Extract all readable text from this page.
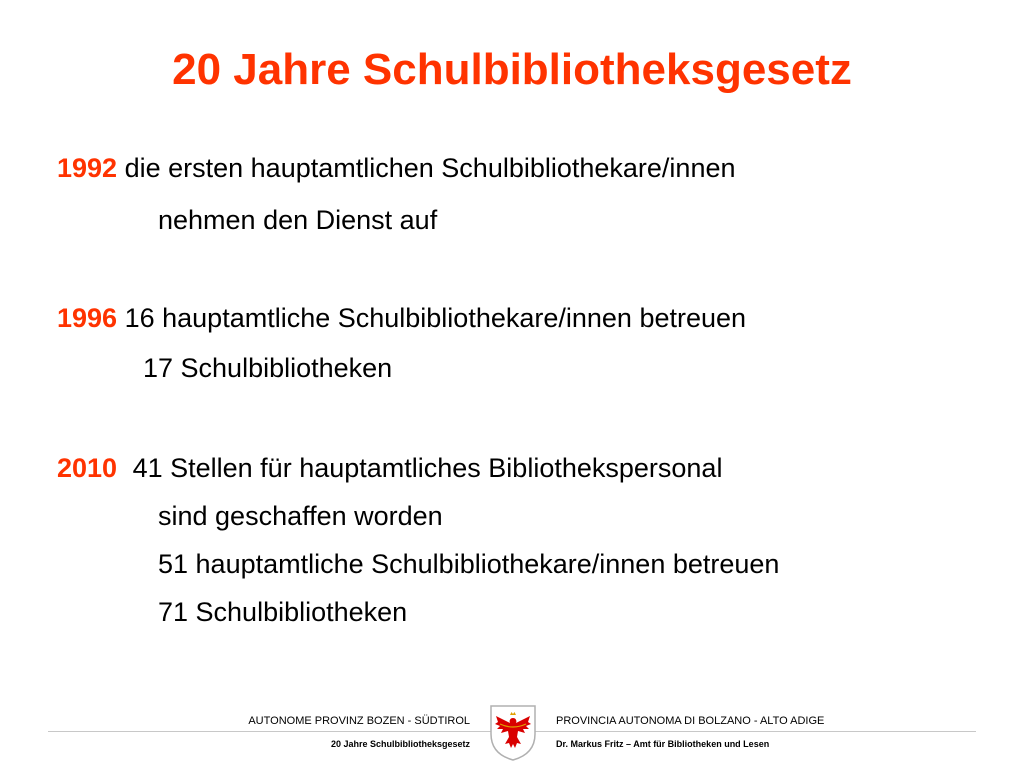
20 Jahre Schulbibliotheksgesetz
1992 die ersten hauptamtlichen Schulbibliothekare/innen
nehmen den Dienst auf
1996 16 hauptamtliche Schulbibliothekare/innen betreuen
17 Schulbibliotheken
2010 41 Stellen für hauptamtliches Bibliothekspersonal
sind geschaffen worden
51 hauptamtliche Schulbibliothekare/innen betreuen
71 Schulbibliotheken
AUTONOME PROVINZ BOZEN - SÜDTIROL	PROVINCIA AUTONOMA DI BOLZANO - ALTO ADIGE
20 Jahre Schulbibliotheksgesetz	Dr. Markus Fritz – Amt für Bibliotheken und Lesen
